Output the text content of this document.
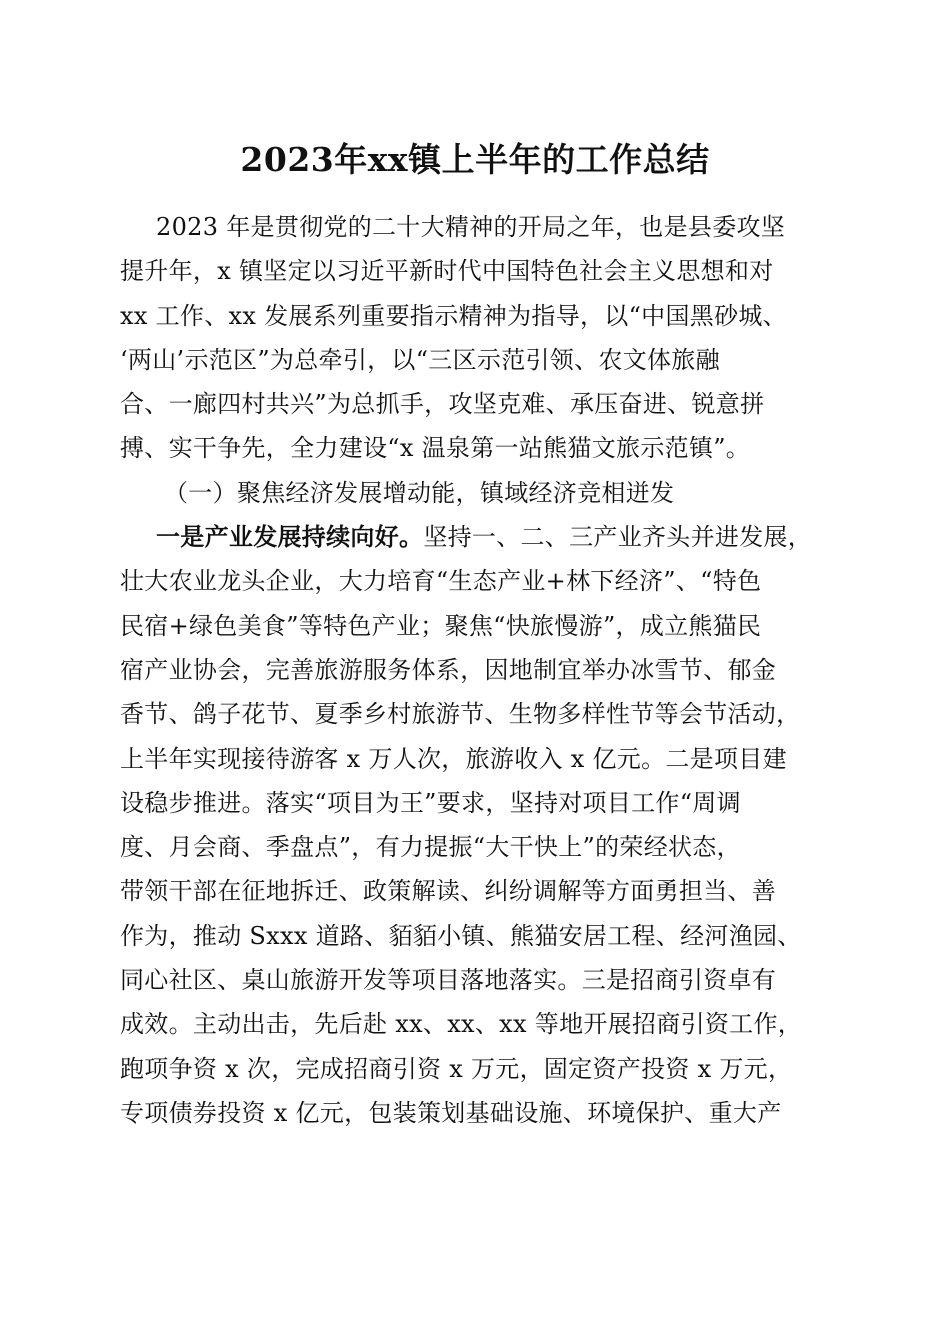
2023年xx镇上半年的工作总结
2023 年是贯彻党的二十大精神的开局之年，也是县委攻坚
提升年，x 镇坚定以习近平新时代中国特色社会主义思想和对
xx 工作、xx 发展系列重要指示精神为指导，以“中国黑砂城、
‘两山’示范区”为总牵引，以“三区示范引领、农文体旅融
合、一廊四村共兴”为总抓手，攻坚克难、承压奋进、锐意拼
搏、实干争先，全力建设“x 温泉第一站熊猫文旅示范镇”。
（一）聚焦经济发展增动能，镇域经济竞相迸发
一是产业发展持续向好。坚持一、二、三产业齐头并进发展，
壮大农业龙头企业，大力培育“生态产业+林下经济”、“特色
民宿+绿色美食”等特色产业；聚焦“快旅慢游”，成立熊猫民
宿产业协会，完善旅游服务体系，因地制宜举办冰雪节、郁金
香节、鸽子花节、夏季乡村旅游节、生物多样性节等会节活动，
上半年实现接待游客 x 万人次，旅游收入 x 亿元。二是项目建
设稳步推进。落实“项目为王”要求，坚持对项目工作“周调
度、月会商、季盘点”，有力提振“大干快上”的荣经状态，
带领干部在征地拆迁、政策解读、纠纷调解等方面勇担当、善
作为，推动 Sxxx 道路、貊貊小镇、熊猫安居工程、经河渔园、
同心社区、桌山旅游开发等项目落地落实。三是招商引资卓有
成效。主动出击，先后赴 xx、xx、xx 等地开展招商引资工作，
跑项争资 x 次，完成招商引资 x 万元，固定资产投资 x 万元，
专项债券投资 x 亿元，包装策划基础设施、环境保护、重大产
